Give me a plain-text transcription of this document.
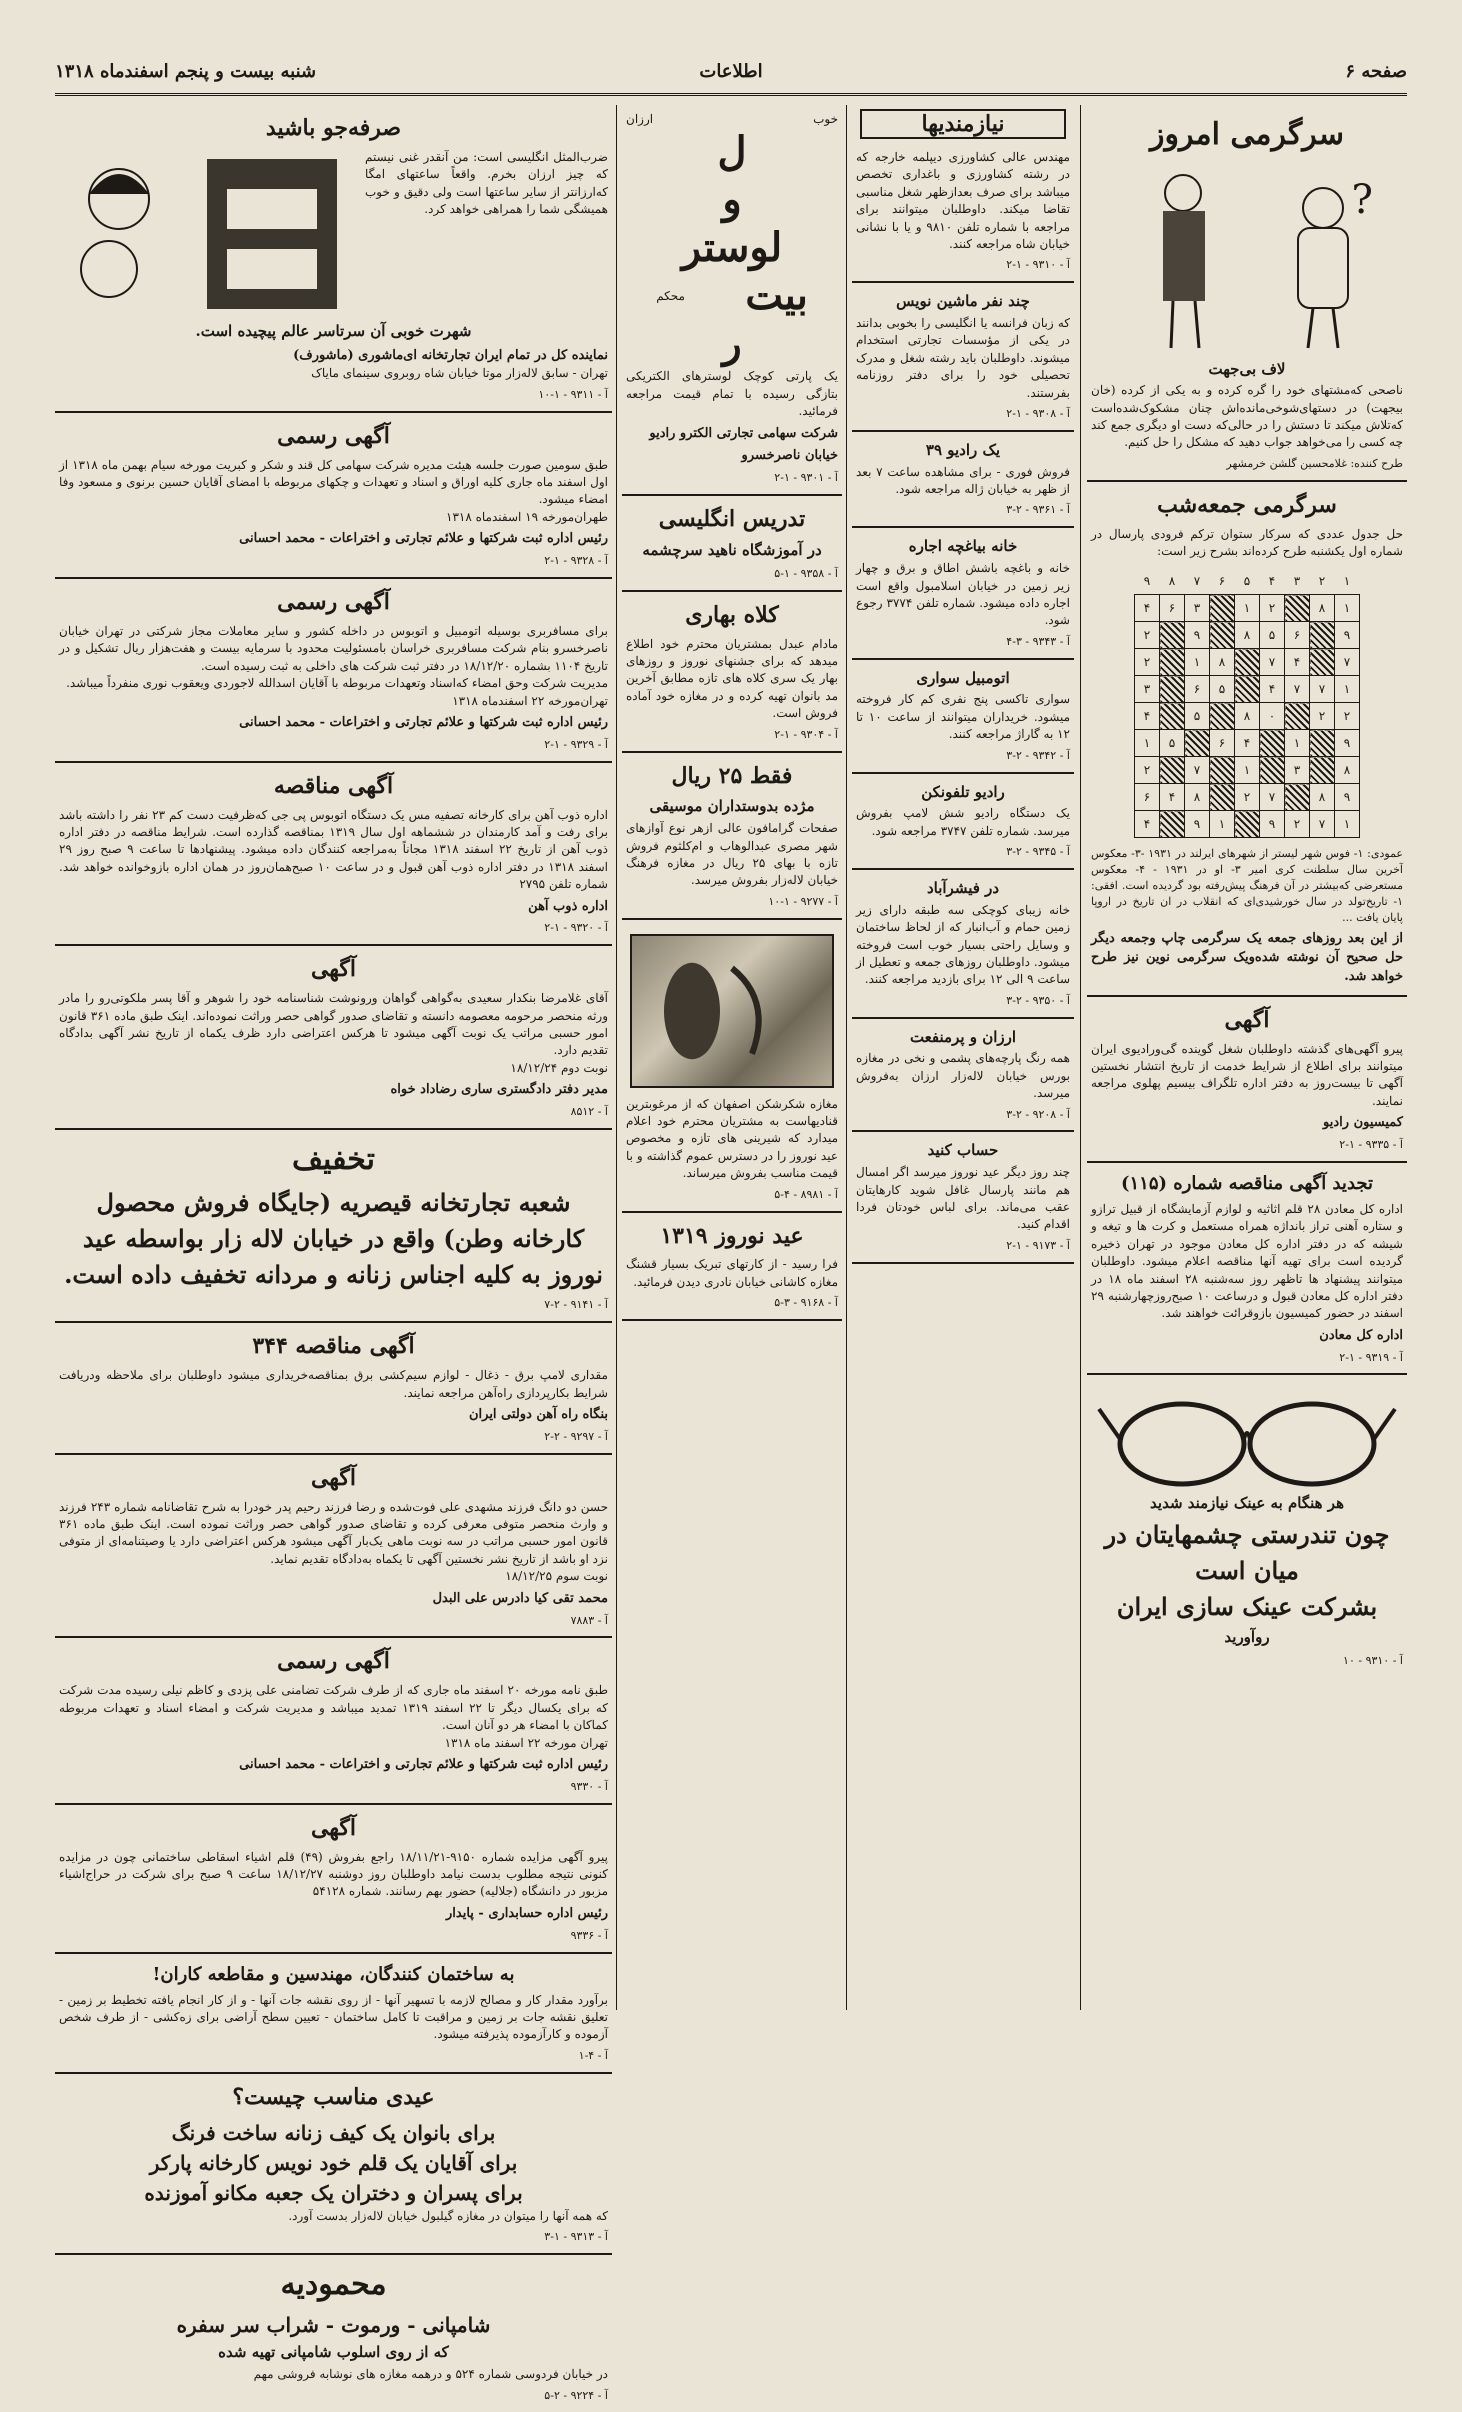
صفحه ۶
اطلاعات
شنبه بیست و پنجم اسفندماه ۱۳۱۸
سرگرمی امروز
?
لاف بی‌جهت
ناصحی که‌مشتهای خود را گره کرده و به یکی از کرده (خان بیجهت) در دستهای‌شوخی‌مانده‌اش چنان مشکوک‌شده‌است که‌تلاش میکند تا دستش را در حالی‌که دست او دیگری جمع کند چه کسی را می‌خواهد جواب دهید که مشکل را حل کنیم.
طرح کننده: غلامحسین گلشن خرمشهر
سرگرمی جمعه‌شب
حل جدول عددی که سرکار ستوان ترکم فرودی پارسال در شماره اول یکشنبه طرح کرده‌اند بشرح زیر است:
۱	۲	۳	۴	۵	۶	۷	۸	۹
۱	۸		۲	۱		۳	۶	۴
۹		۶	۵	۸		۹		۲
۷		۴	۷		۸	۱		۲
۱	۷	۷	۴		۵	۶		۳
۲	۲		۰	۸		۵		۴
۹		۱		۴	۶		۵	۱
۸		۳		۱		۷		۲
۹	۸		۷	۲		۸	۴	۶
۱	۷	۲	۹		۱	۹		۴
عمودی: ۱- فوس شهر لیستر از شهرهای ایرلند در ۱۹۳۱ -۳- معکوس آخرین سال سلطنت کری امیر ۳- او در ۱۹۳۱ - ۴- معکوس مستعرضی که‌بیشتر در آن فرهنگ پیش‌رفته بود گردیده است. افقی: ۱- تاریخ‌تولد در سال خورشیدی‌ای که انقلاب در ان تاریخ در اروپا پایان یافت ...
از این بعد روزهای جمعه یک سرگرمی چاپ وجمعه دیگر حل صحیح آن نوشته شده‌ویک سرگرمی نوین نیز طرح خواهد شد.
آگهی
پیرو آگهی‌های گذشته داوطلبان شغل گوینده گی‌ورادیوی ایران میتوانند برای اطلاع از شرایط خدمت از تاریخ انتشار نخستین آگهی تا بیست‌روز به دفتر اداره تلگراف بیسیم پهلوی مراجعه نمایند.
کمیسیون رادیو
آ - ۹۳۳۵ - ۱-۲
تجدید آگهی مناقصه شماره (۱۱۵)
اداره کل معادن ۲۸ قلم اثاثیه و لوازم آزمایشگاه از قبیل ترازو و ستاره آهنی تراز بانداژه همراه مستعمل و کرت ها و تیغه و شیشه که در دفتر اداره کل معادن موجود در تهران ذخیره گردیده است برای تهیه آنها مناقصه اعلام میشود. داوطلبان میتوانند پیشنهاد ها تاظهر روز سه‌شنبه ۲۸ اسفند ماه ۱۸ در دفتر اداره کل معادن قبول و درساعت ۱۰ صبح‌روزچهارشنبه ۲۹ اسفند در حضور کمیسیون بازوقرائت خواهند شد.
اداره کل معادن
آ - ۹۳۱۹ - ۱-۲
هر هنگام به عینک نیازمند شدید
چون تندرستی چشمهایتان در میان است
بشرکت عینک سازی ایران
روآورید
آ - ۹۳۱۰ - ۱۰
نیازمندیها
مهندس عالی کشاورزی دیپلمه خارجه که در رشته کشاورزی و باغداری تخصص میباشد برای صرف بعدازظهر شغل مناسبی تقاضا میکند. داوطلبان میتوانند برای مراجعه با شماره تلفن ۹۸۱۰ و یا با نشانی خیابان شاه مراجعه کنند.
آ - ۹۳۱۰ - ۱-۲
چند نفر ماشین نویس
که زبان فرانسه یا انگلیسی را بخوبی بدانند در یکی از مؤسسات تجارتی استخدام میشوند. داوطلبان باید رشته شغل و مدرک تحصیلی خود را برای دفتر روزنامه بفرستند.
آ - ۹۳۰۸ - ۱-۲
یک رادیو ۳۹
فروش فوری - برای مشاهده ساعت ۷ بعد از ظهر به خیابان ژاله مراجعه شود.
آ - ۹۳۶۱ - ۲-۳
خانه بیاغچه اجاره
خانه و باغچه باشش اطاق و برق و چهار زیر زمین در خیابان اسلامبول واقع است اجاره داده میشود. شماره تلفن ۳۷۷۴ رجوع شود.
آ - ۹۳۴۳ - ۳-۴
اتومبیل سواری
سواری تاکسی پنج نفری کم کار فروخته میشود. خریداران میتوانند از ساعت ۱۰ تا ۱۲ به گاراژ مراجعه کنند.
آ - ۹۳۴۲ - ۲-۳
رادیو تلفونکن
یک دستگاه رادیو شش لامپ بفروش میرسد. شماره تلفن ۳۷۴۷ مراجعه شود.
آ - ۹۳۴۵ - ۲-۳
در فیشرآباد
خانه زیبای کوچکی سه طبقه دارای زیر زمین حمام و آب‌انبار که از لحاظ ساختمان و وسایل راحتی بسیار خوب است فروخته میشود. داوطلبان روزهای جمعه و تعطیل از ساعت ۹ الی ۱۲ برای بازدید مراجعه کنند.
آ - ۹۳۵۰ - ۲-۳
ارزان و پرمنفعت
همه رنگ پارچه‌های پشمی و نخی در مغازه بورس خیابان لاله‌زار ارزان به‌فروش میرسد.
آ - ۹۲۰۸ - ۲-۳
حساب کنید
چند روز دیگر عید نوروز میرسد اگر امسال هم مانند پارسال غافل شوید کارهایتان عقب می‌ماند. برای لباس خودتان فردا اقدام کنید.
آ - ۹۱۷۳ - ۱-۲
خوب
ارزان
ل
و
لوستر
بیت
محکم
ر
یک پارتی کوچک لوسترهای الکتریکی بتازگی رسیده با تمام قیمت مراجعه فرمائید.
شرکت سهامی تجارتی الکترو رادیو
خیابان ناصرخسرو
آ - ۹۳۰۱ - ۱-۲
تدریس انگلیسی
در آموزشگاه ناهید سرچشمه
آ - ۹۳۵۸ - ۱-۵
کلاه بهاری
مادام عبدل بمشتریان محترم خود اطلاع میدهد که برای جشنهای نوروز و روزهای بهار یک سری کلاه های تازه مطابق آخرین مد بانوان تهیه کرده و در مغازه خود آماده فروش است.
آ - ۹۳۰۴ - ۱-۲
فقط ۲۵ ریال
مژده بدوستداران موسیقی
صفحات گرامافون عالی ازهر نوع آوازهای شهر مصری عبدالوهاب و ام‌کلثوم فروش تازه با بهای ۲۵ ریال در مغازه فرهنگ خیابان لاله‌زار بفروش میرسد.
آ - ۹۲۷۷ - ۱-۱۰
مغازه شکرشکن اصفهان که از مرغوبترین قنادیهاست به مشتریان محترم خود اعلام میدارد که شیرینی های تازه و مخصوص عید نوروز را در دسترس عموم گذاشته و با قیمت مناسب بفروش میرساند.
آ - ۸۹۸۱ - ۴-۵
عید نوروز ۱۳۱۹
فرا رسید - از کارتهای تبریک بسیار قشنگ مغازه کاشانی خیابان نادری دیدن فرمائید.
آ - ۹۱۶۸ - ۳-۵
صرفه‌جو باشید
ضرب‌المثل انگلیسی است: من آنقدر غنی نیستم که چیز ارزان بخرم. واقعاً ساعتهای امگا که‌ارزانتر از سایر ساعتها است ولی دقیق و خوب همیشگی شما را همراهی خواهد کرد.
شهرت خوبی آن سرتاسر عالم پیچیده است.
نماینده کل در تمام ایران تجارتخانه ای‌ماشوری (ماشورف)
تهران - سابق لاله‌زار موتا خیابان شاه روبروی سینمای مایاک
آ - ۹۳۱۱ - ۱-۱۰
آگهی رسمی
طبق سومین صورت جلسه هیئت مدیره شرکت سهامی کل قند و شکر و کبریت مورخه سیام بهمن ماه ۱۳۱۸ از اول اسفند ماه جاری کلیه اوراق و اسناد و تعهدات و چکهای مربوطه با امضای آقایان حسین برنوی و مسعود وفا امضاء میشود.
طهران‌مورخه ۱۹ اسفندماه ۱۳۱۸
رئیس اداره ثبت شرکتها و علائم تجارتی و اختراعات - محمد احسانی
آ - ۹۳۲۸ - ۱-۲
آگهی رسمی
برای مسافربری بوسیله اتومبیل و اتوبوس در داخله کشور و سایر معاملات مجاز شرکتی در تهران خیابان ناصرخسرو بنام شرکت مسافربری خراسان بامسئولیت محدود با سرمایه بیست و هفت‌هزار ریال تشکیل و در تاریخ ۱۱۰۴ بشماره ۱۸/۱۲/۲۰ در دفتر ثبت شرکت های داخلی به ثبت رسیده است.
مدیریت شرکت وحق امضاء که‌اسناد وتعهدات مربوطه با آقایان اسدالله لاجوردی ویعقوب نوری منفرداً میباشد.
تهران‌مورخه ۲۲ اسفندماه ۱۳۱۸
رئیس اداره ثبت شرکتها و علائم تجارتی و اختراعات - محمد احسانی
آ - ۹۳۲۹ - ۱-۲
آگهی مناقصه
اداره ذوب آهن برای کارخانه تصفیه مس یک دستگاه اتوبوس پی جی که‌ظرفیت دست کم ۲۳ نفر را داشته باشد برای رفت و آمد کارمندان در ششماهه اول سال ۱۳۱۹ بمناقصه گذارده است. شرایط مناقصه در دفتر اداره ذوب آهن از تاریخ ۲۲ اسفند ۱۳۱۸ مجاناً به‌مراجعه کنندگان داده میشود. پیشنهادها تا ساعت ۹ صبح روز ۲۹ اسفند ۱۳۱۸ در دفتر اداره ذوب آهن قبول و در ساعت ۱۰ صبح‌همان‌روز در همان اداره بازوخوانده خواهد شد. شماره تلفن ۲۷۹۵
اداره ذوب آهن
آ - ۹۳۲۰ - ۱-۲
آگهی
آقای غلامرضا بنکدار سعیدی به‌گواهی گواهان ورونوشت شناسنامه خود را شوهر و آقا پسر ملکوتی‌رو را مادر ورثه منحصر مرحومه معصومه دانسته و تقاضای صدور گواهی حصر وراثت نموده‌اند. اینک طبق ماده ۳۶۱ قانون امور حسبی مراتب یک نوبت آگهی میشود تا هرکس اعتراضی دارد ظرف یکماه از تاریخ نشر آگهی بدادگاه تقدیم دارد.
نوبت دوم ۱۸/۱۲/۲۴
مدیر دفتر دادگستری ساری رضاداد خواه
آ - ۸۵۱۲
تخفیف
شعبه تجارتخانه قیصریه (جایگاه فروش محصول کارخانه وطن) واقع در خیابان لاله زار بواسطه عید نوروز به کلیه اجناس زنانه و مردانه تخفیف داده است.
آ - ۹۱۴۱ - ۲-۷
آگهی مناقصه ۳۴۴
مقداری لامپ برق - ذغال - لوازم سیم‌کشی برق بمناقصه‌خریداری میشود داوطلبان برای ملاحظه ودریافت شرایط بکارپردازی راه‌آهن مراجعه نمایند.
بنگاه راه آهن دولتی ایران
آ - ۹۲۹۷ - ۲-۲
آگهی
حسن دو دانگ فرزند مشهدی علی فوت‌شده و رضا فرزند رحیم پدر خودرا به شرح تقاضانامه شماره ۲۴۳ فرزند و وارث منحصر متوفی معرفی کرده و تقاضای صدور گواهی حصر وراثت نموده است. اینک طبق ماده ۳۶۱ قانون امور حسبی مراتب در سه نوبت ماهی یک‌بار آگهی میشود هرکس اعتراضی دارد یا وصیتنامه‌ای از متوفی نزد او باشد از تاریخ نشر نخستین آگهی تا یکماه به‌دادگاه تقدیم نماید.
نوبت سوم ۱۸/۱۲/۲۵
محمد تقی کیا دادرس علی البدل
آ - ۷۸۸۳
آگهی رسمی
طبق نامه مورخه ۲۰ اسفند ماه جاری که از طرف شرکت تضامنی علی پزدی و کاظم نیلی رسیده مدت شرکت که برای یکسال دیگر تا ۲۲ اسفند ۱۳۱۹ تمدید میباشد و مدیریت شرکت و امضاء اسناد و تعهدات مربوطه کماکان با امضاء هر دو آنان است.
تهران مورخه ۲۲ اسفند ماه ۱۳۱۸
رئیس اداره ثبت شرکتها و علائم تجارتی و اختراعات - محمد احسانی
آ - ۹۳۳۰
آگهی
پیرو آگهی مزایده شماره ۹۱۵۰-۱۸/۱۱/۲۱ راجع بفروش (۴۹) قلم اشیاء اسقاطی ساختمانی چون در مزایده کنونی نتیجه مطلوب بدست نیامد داوطلبان روز دوشنبه ۱۸/۱۲/۲۷ ساعت ۹ صبح برای شرکت در حراج‌اشیاء مزبور در دانشگاه (جلالیه) حضور بهم رسانند. شماره ۵۴۱۲۸
رئیس اداره حسابداری - پایدار
آ - ۹۳۳۶
به ساختمان کنندگان، مهندسین و مقاطعه کاران!
برآورد مقدار کار و مصالح لازمه با تسهیر آنها - از روی نقشه جات آنها - و از کار انجام یافته تخطیط بر زمین - تعلیق نقشه جات بر زمین و مراقبت تا کامل ساختمان - تعیین سطح آراضی برای زه‌کشی - از طرف شخص آزموده و کارآزموده پذیرفته میشود.
آ - ۴-۱
عیدی مناسب چیست؟
برای بانوان یک کیف زنانه ساخت فرنگ
برای آقایان یک قلم خود نویس کارخانه پارکر
برای پسران و دختران یک جعبه مکانو آموزنده
که همه آنها را میتوان در مغازه گیلبول خیابان لاله‌زار بدست آورد.
آ - ۹۳۱۳ - ۱-۳
محمودیه
شامپانی - ورموت - شراب سر سفره
که از روی اسلوب شامپانی تهیه شده
در خیابان فردوسی شماره ۵۲۴ و درهمه مغازه های نوشابه فروشی مهم
آ - ۹۲۲۴ - ۲-۵
